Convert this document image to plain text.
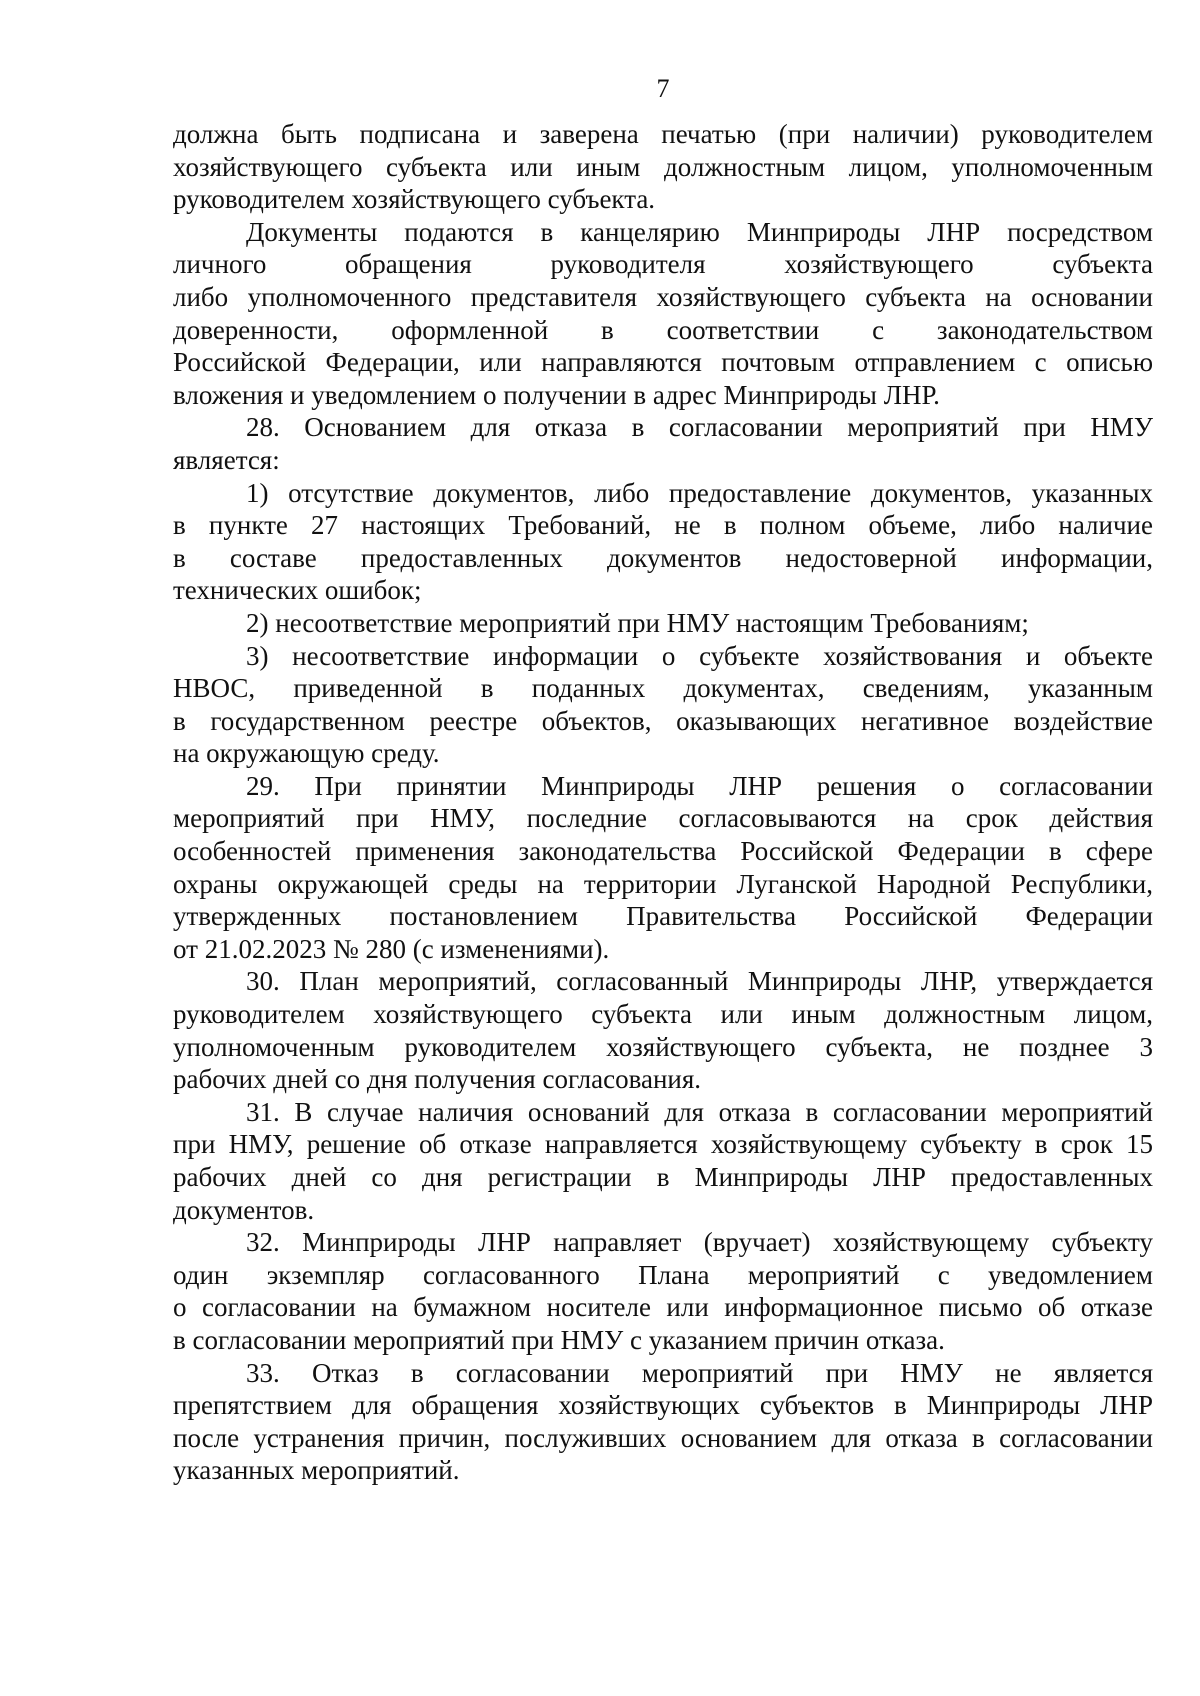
7
должна быть подписана и заверена печатью (при наличии) руководителем
хозяйствующего субъекта или иным должностным лицом, уполномоченным
руководителем хозяйствующего субъекта.
Документы подаются в канцелярию Минприроды ЛНР посредством
личного обращения руководителя хозяйствующего субъекта
либо уполномоченного представителя хозяйствующего субъекта на основании
доверенности, оформленной в соответствии с законодательством
Российской Федерации, или направляются почтовым отправлением с описью
вложения и уведомлением о получении в адрес Минприроды ЛНР.
28. Основанием для отказа в согласовании мероприятий при НМУ
является:
1) отсутствие документов, либо предоставление документов, указанных
в пункте 27 настоящих Требований, не в полном объеме, либо наличие
в составе предоставленных документов недостоверной информации,
технических ошибок;
2) несоответствие мероприятий при НМУ настоящим Требованиям;
3) несоответствие информации о субъекте хозяйствования и объекте
НВОС, приведенной в поданных документах, сведениям, указанным
в государственном реестре объектов, оказывающих негативное воздействие
на окружающую среду.
29. При принятии Минприроды ЛНР решения о согласовании
мероприятий при НМУ, последние согласовываются на срок действия
особенностей применения законодательства Российской Федерации в сфере
охраны окружающей среды на территории Луганской Народной Республики,
утвержденных постановлением Правительства Российской Федерации
от 21.02.2023 № 280 (с изменениями).
30. План мероприятий, согласованный Минприроды ЛНР, утверждается
руководителем хозяйствующего субъекта или иным должностным лицом,
уполномоченным руководителем хозяйствующего субъекта, не позднее 3
рабочих дней со дня получения согласования.
31. В случае наличия оснований для отказа в согласовании мероприятий
при НМУ, решение об отказе направляется хозяйствующему субъекту в срок 15
рабочих дней со дня регистрации в Минприроды ЛНР предоставленных
документов.
32. Минприроды ЛНР направляет (вручает) хозяйствующему субъекту
один экземпляр согласованного Плана мероприятий с уведомлением
о согласовании на бумажном носителе или информационное письмо об отказе
в согласовании мероприятий при НМУ с указанием причин отказа.
33. Отказ в согласовании мероприятий при НМУ не является
препятствием для обращения хозяйствующих субъектов в Минприроды ЛНР
после устранения причин, послуживших основанием для отказа в согласовании
указанных мероприятий.
